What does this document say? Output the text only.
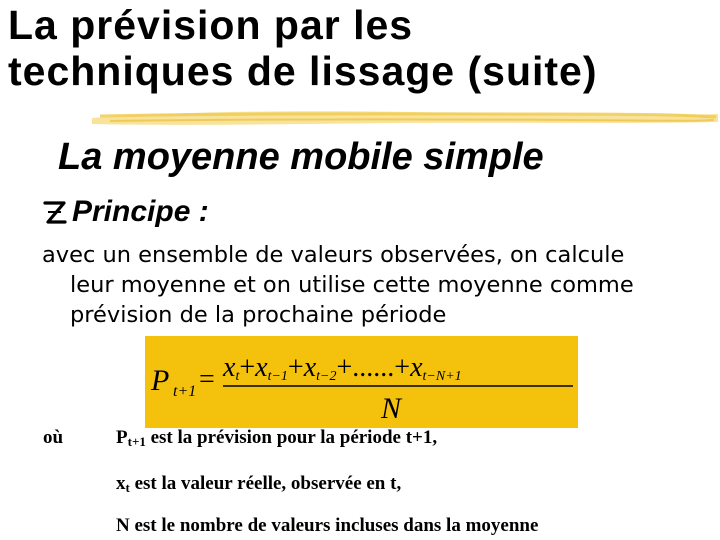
La prévision par les
techniques de lissage (suite)
La moyenne mobile simple
Principe :
avec un ensemble de valeurs observées, on calcule
leur moyenne et on utilise cette moyenne comme
prévision de la prochaine période
P t+1 = xt+xt−1+xt−2+......+xt−N+1
N
où	$P_{t+1}$ est la prévision pour la période t+1,
$x_t$ est la valeur réelle, observée en t,
N est le nombre de valeurs incluses dans la moyenne
